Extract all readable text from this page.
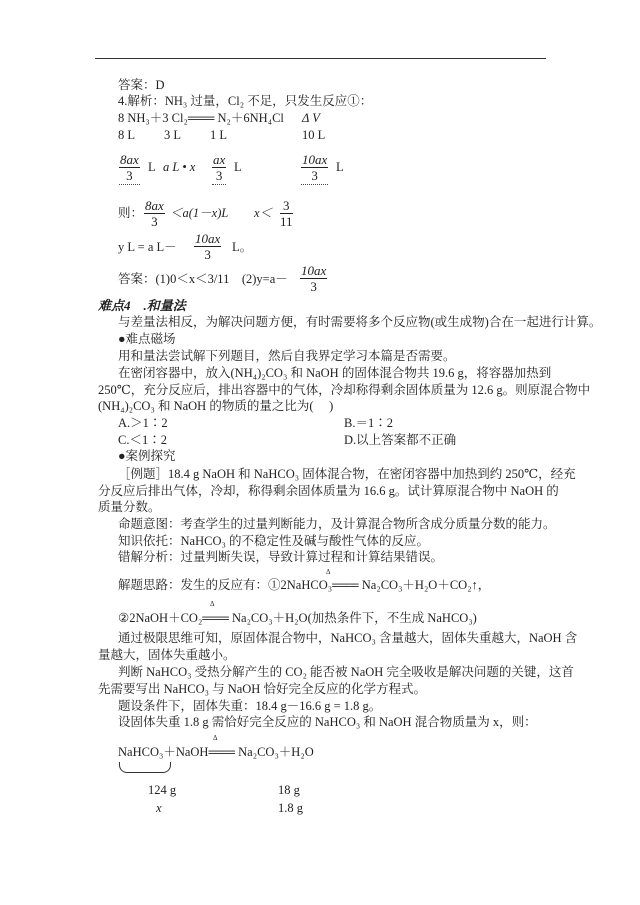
答案：D
4.解析：NH₃ 过量，Cl₂ 不足，只发生反应①：
8 NH₃＋3 Cl₂═══ N₂＋6NH₄Cl Δ V
8 L 3 L 1 L	10 L
$\frac{8ax}{3}$ L a L • x $\frac{ax}{3}$ L	$\frac{10ax}{3}$ L
则： $\frac{8ax}{3} <a(1-x)L$ $x< \frac{3}{11}$
y L = a $L- \frac{10ax}{3}$ L。
答案：(1)0＜x＜3/11　$(2)y=a- \frac{10ax}{3}$
难点4　.和量法
与差量法相反，为解决问题方便，有时需要将多个反应物(或生成物)合在一起进行计算。
●难点磁场
用和量法尝试解下列题目，然后自我界定学习本篇是否需要。
在密闭容器中，放入(NH₄)₂CO₃ 和 NaOH 的固体混合物共 19.6 g，将容器加热到
250℃，充分反应后，排出容器中的气体，冷却称得剩余固体质量为 12.6 g。则原混合物中
(NH₄)₂CO₃ 和 NaOH 的物质的量之比为(　 )
A.＞1∶2	B.＝1∶2
C.＜1∶2	D.以上答案都不正确
●案例探究
［例题］18.4 g NaOH 和 NaHCO₃ 固体混合物，在密闭容器中加热到约 250℃，经充
分反应后排出气体，冷却，称得剩余固体质量为 16.6 g。试计算原混合物中 NaOH 的
质量分数。
命题意图：考查学生的过量判断能力，及计算混合物所含成分质量分数的能力。
知识依托：NaHCO₃ 的不稳定性及碱与酸性气体的反应。
错解分析：过量判断失误，导致计算过程和计算结果错误。
Δ
解题思路：发生的反应有：①2NaHCO₃═══ Na₂CO₃＋H₂O＋CO₂↑，
Δ
②2NaOH＋CO₂═══ Na₂CO₃＋H₂O(加热条件下，不生成 NaHCO₃)
通过极限思维可知，原固体混合物中，NaHCO₃ 含量越大，固体失重越大，NaOH 含
量越大，固体失重越小。
判断 NaHCO₃ 受热分解产生的 CO₂ 能否被 NaOH 完全吸收是解决问题的关键，这首
先需要写出 NaHCO₃ 与 NaOH 恰好完全反应的化学方程式。
题设条件下，固体失重：18.4 g－16.6 g = 1.8 g。
设固体失重 1.8 g 需恰好完全反应的 NaHCO₃ 和 NaOH 混合物质量为 x，则：
Δ
NaHCO₃＋NaOH═══ Na₂CO₃＋H₂O
124 g	18 g
x	1.8 g
